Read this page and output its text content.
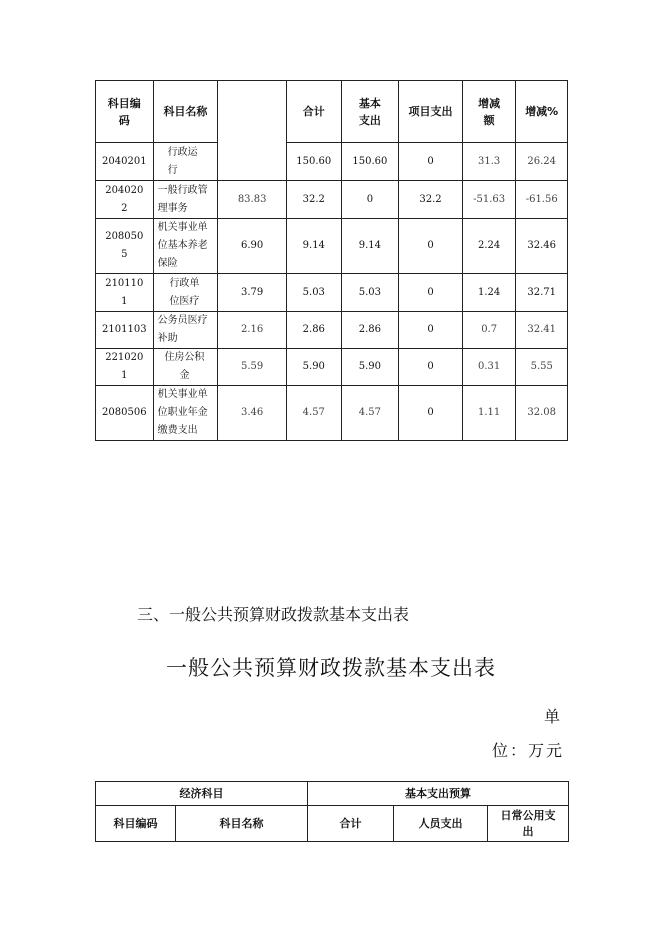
科目编码	科目名称		合计	基本支出	项目支出	增减额	增减%
2040201	行政运行		150.60	150.60	0	31.3	26.24
2040202	一般行政管理事务	83.83	32.2	0	32.2	-51.63	-61.56
2080505	机关事业单位基本养老保险	6.90	9.14	9.14	0	2.24	32.46
2101101	行政单位医疗	3.79	5.03	5.03	0	1.24	32.71
2101103	公务员医疗补助	2.16	2.86	2.86	0	0.7	32.41
2210201	住房公积金	5.59	5.90	5.90	0	0.31	5.55
2080506	机关事业单位职业年金缴费支出	3.46	4.57	4.57	0	1.11	32.08
三、一般公共预算财政拨款基本支出表
一般公共预算财政拨款基本支出表
单
位：万元
经济科目		基本支出预算		
科目编码	科目名称	合计	人员支出	日常公用支出
